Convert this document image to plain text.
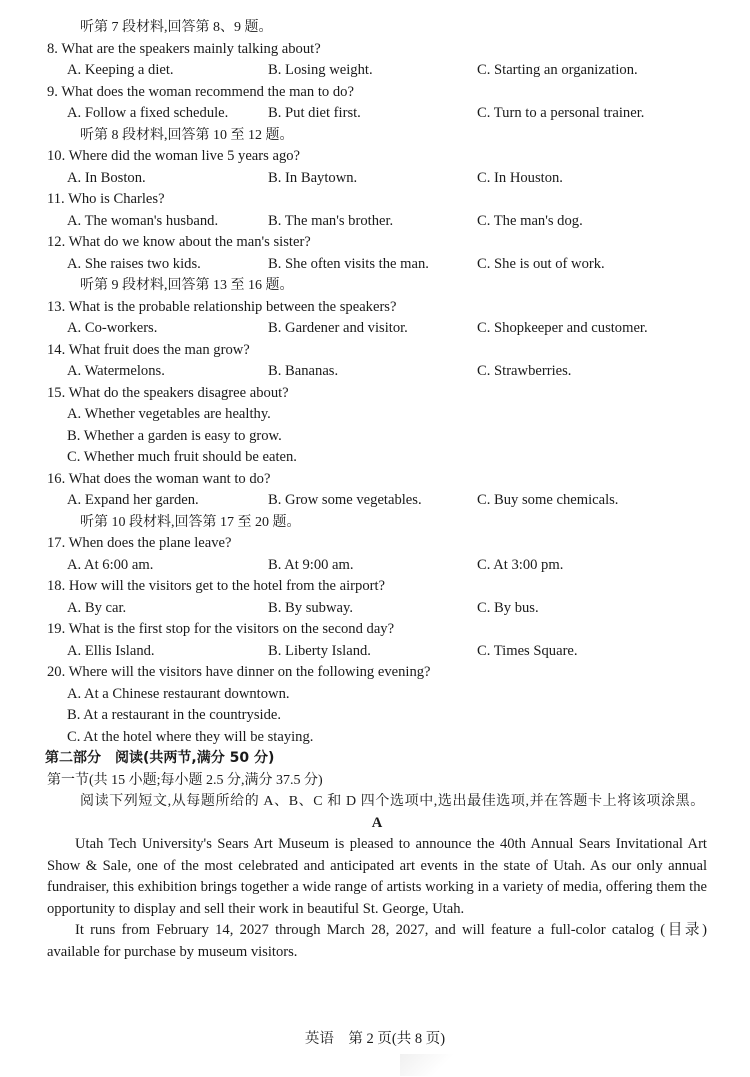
听第 7 段材料,回答第 8、9 题。
8. What are the speakers mainly talking about?
A. Keeping a diet.	B. Losing weight.	C. Starting an organization.
9. What does the woman recommend the man to do?
A. Follow a fixed schedule.	B. Put diet first.	C. Turn to a personal trainer.
听第 8 段材料,回答第 10 至 12 题。
10. Where did the woman live 5 years ago?
A. In Boston.	B. In Baytown.	C. In Houston.
11. Who is Charles?
A. The woman's husband.	B. The man's brother.	C. The man's dog.
12. What do we know about the man's sister?
A. She raises two kids.	B. She often visits the man.	C. She is out of work.
听第 9 段材料,回答第 13 至 16 题。
13. What is the probable relationship between the speakers?
A. Co-workers.	B. Gardener and visitor.	C. Shopkeeper and customer.
14. What fruit does the man grow?
A. Watermelons.	B. Bananas.	C. Strawberries.
15. What do the speakers disagree about?
A. Whether vegetables are healthy.
B. Whether a garden is easy to grow.
C. Whether much fruit should be eaten.
16. What does the woman want to do?
A. Expand her garden.	B. Grow some vegetables.	C. Buy some chemicals.
听第 10 段材料,回答第 17 至 20 题。
17. When does the plane leave?
A. At 6:00 am.	B. At 9:00 am.	C. At 3:00 pm.
18. How will the visitors get to the hotel from the airport?
A. By car.	B. By subway.	C. By bus.
19. What is the first stop for the visitors on the second day?
A. Ellis Island.	B. Liberty Island.	C. Times Square.
20. Where will the visitors have dinner on the following evening?
A. At a Chinese restaurant downtown.
B. At a restaurant in the countryside.
C. At the hotel where they will be staying.
第二部分　阅读(共两节,满分 50 分)
第一节(共 15 小题;每小题 2.5 分,满分 37.5 分)

阅读下列短文,从每题所给的 A、B、C 和 D 四个选项中,选出最佳选项,并在答题卡上将该项涂黑。

A

Utah Tech University's Sears Art Museum is pleased to announce the 40th Annual Sears Invitational Art Show & Sale, one of the most celebrated and anticipated art events in the state of Utah. As our only annual fundraiser, this exhibition brings together a wide range of artists working in a variety of media, offering them the opportunity to display and sell their work in beautiful St. George, Utah.

It runs from February 14, 2027 through March 28, 2027, and will feature a full-color catalog (目录) available for purchase by museum visitors.

英语　第 2 页(共 8 页)
